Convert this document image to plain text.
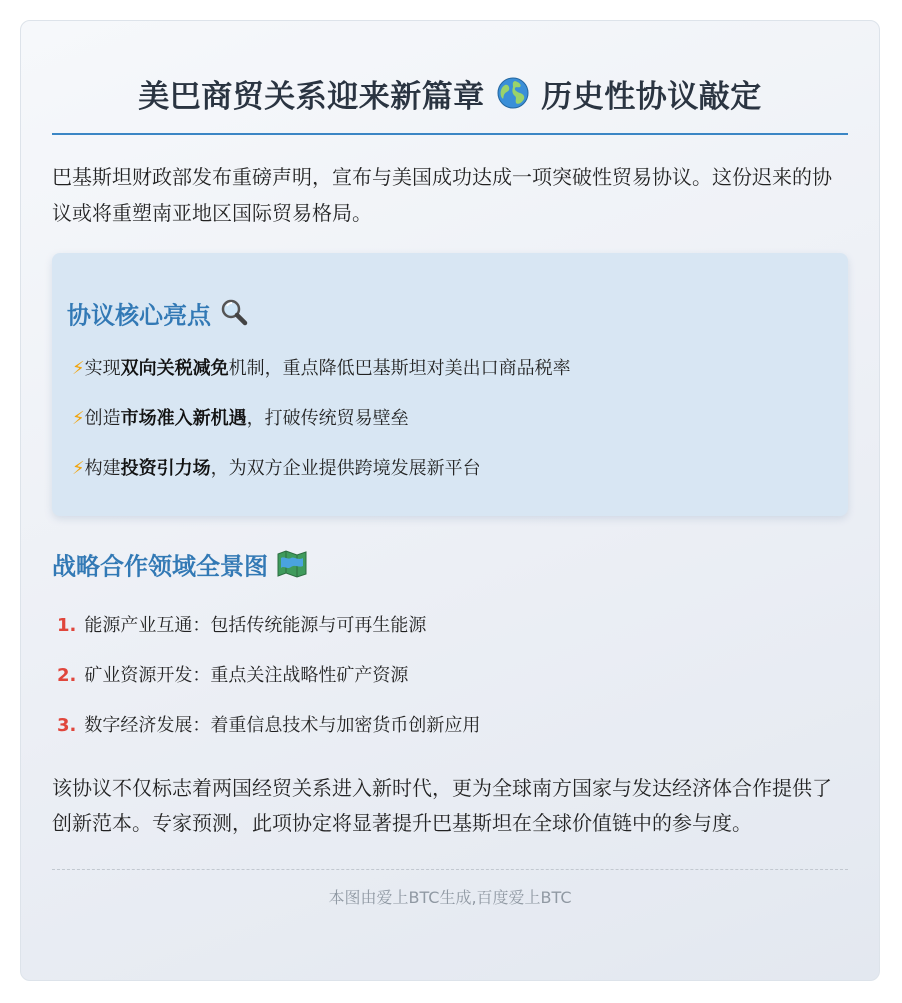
美巴商贸关系迎来新篇章 历史性协议敲定

巴基斯坦财政部发布重磅声明，宣布与美国成功达成一项突破性贸易协议。这份迟来的协议或将重塑南亚地区国际贸易格局。

协议核心亮点
⚡实现双向关税减免机制，重点降低巴基斯坦对美出口商品税率
⚡创造市场准入新机遇，打破传统贸易壁垒
⚡构建投资引力场，为双方企业提供跨境发展新平台
战略合作领域全景图
1. 能源产业互通：包括传统能源与可再生能源
2. 矿业资源开发：重点关注战略性矿产资源
3. 数字经济发展：着重信息技术与加密货币创新应用

该协议不仅标志着两国经贸关系进入新时代，更为全球南方国家与发达经济体合作提供了创新范本。专家预测，此项协定将显著提升巴基斯坦在全球价值链中的参与度。

本图由爱上BTC生成,百度爱上BTC
